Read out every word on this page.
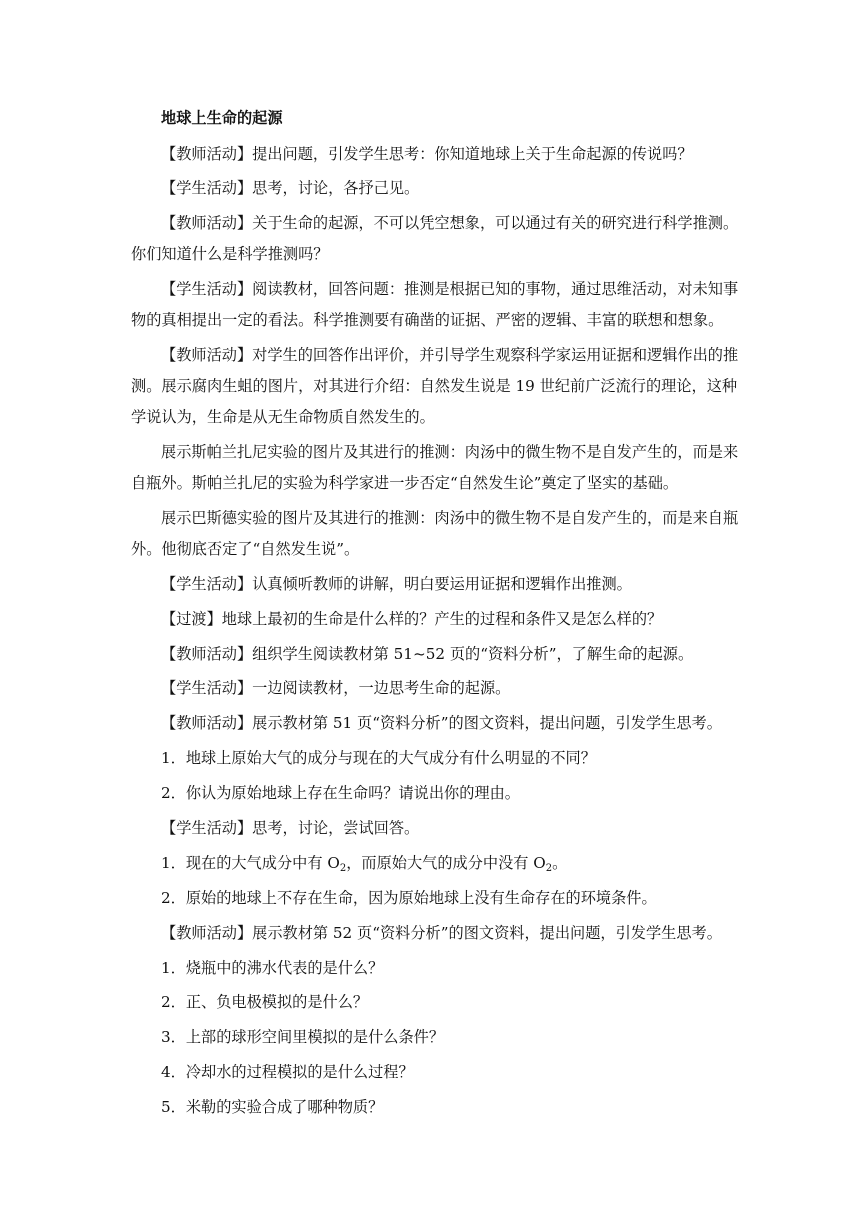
地球上生命的起源
【教师活动】提出问题，引发学生思考：你知道地球上关于生命起源的传说吗？
【学生活动】思考，讨论，各抒己见。
【教师活动】关于生命的起源，不可以凭空想象，可以通过有关的研究进行科学推测。
你们知道什么是科学推测吗？
【学生活动】阅读教材，回答问题：推测是根据已知的事物，通过思维活动，对未知事
物的真相提出一定的看法。科学推测要有确凿的证据、严密的逻辑、丰富的联想和想象。
【教师活动】对学生的回答作出评价，并引导学生观察科学家运用证据和逻辑作出的推
测。展示腐肉生蛆的图片，对其进行介绍：自然发生说是 19 世纪前广泛流行的理论，这种
学说认为，生命是从无生命物质自然发生的。
展示斯帕兰扎尼实验的图片及其进行的推测：肉汤中的微生物不是自发产生的，而是来
自瓶外。斯帕兰扎尼的实验为科学家进一步否定“自然发生论”奠定了坚实的基础。
展示巴斯德实验的图片及其进行的推测：肉汤中的微生物不是自发产生的，而是来自瓶
外。他彻底否定了“自然发生说”。
【学生活动】认真倾听教师的讲解，明白要运用证据和逻辑作出推测。
【过渡】地球上最初的生命是什么样的？产生的过程和条件又是怎么样的？
【教师活动】组织学生阅读教材第 51~52 页的“资料分析”，了解生命的起源。
【学生活动】一边阅读教材，一边思考生命的起源。
【教师活动】展示教材第 51 页“资料分析”的图文资料，提出问题，引发学生思考。
1．地球上原始大气的成分与现在的大气成分有什么明显的不同？
2．你认为原始地球上存在生命吗？请说出你的理由。
【学生活动】思考，讨论，尝试回答。
1．现在的大气成分中有 $O_2$，而原始大气的成分中没有 $O_2$。
2．原始的地球上不存在生命，因为原始地球上没有生命存在的环境条件。
【教师活动】展示教材第 52 页“资料分析”的图文资料，提出问题，引发学生思考。
1．烧瓶中的沸水代表的是什么？
2．正、负电极模拟的是什么？
3．上部的球形空间里模拟的是什么条件？
4．冷却水的过程模拟的是什么过程？
5．米勒的实验合成了哪种物质？
